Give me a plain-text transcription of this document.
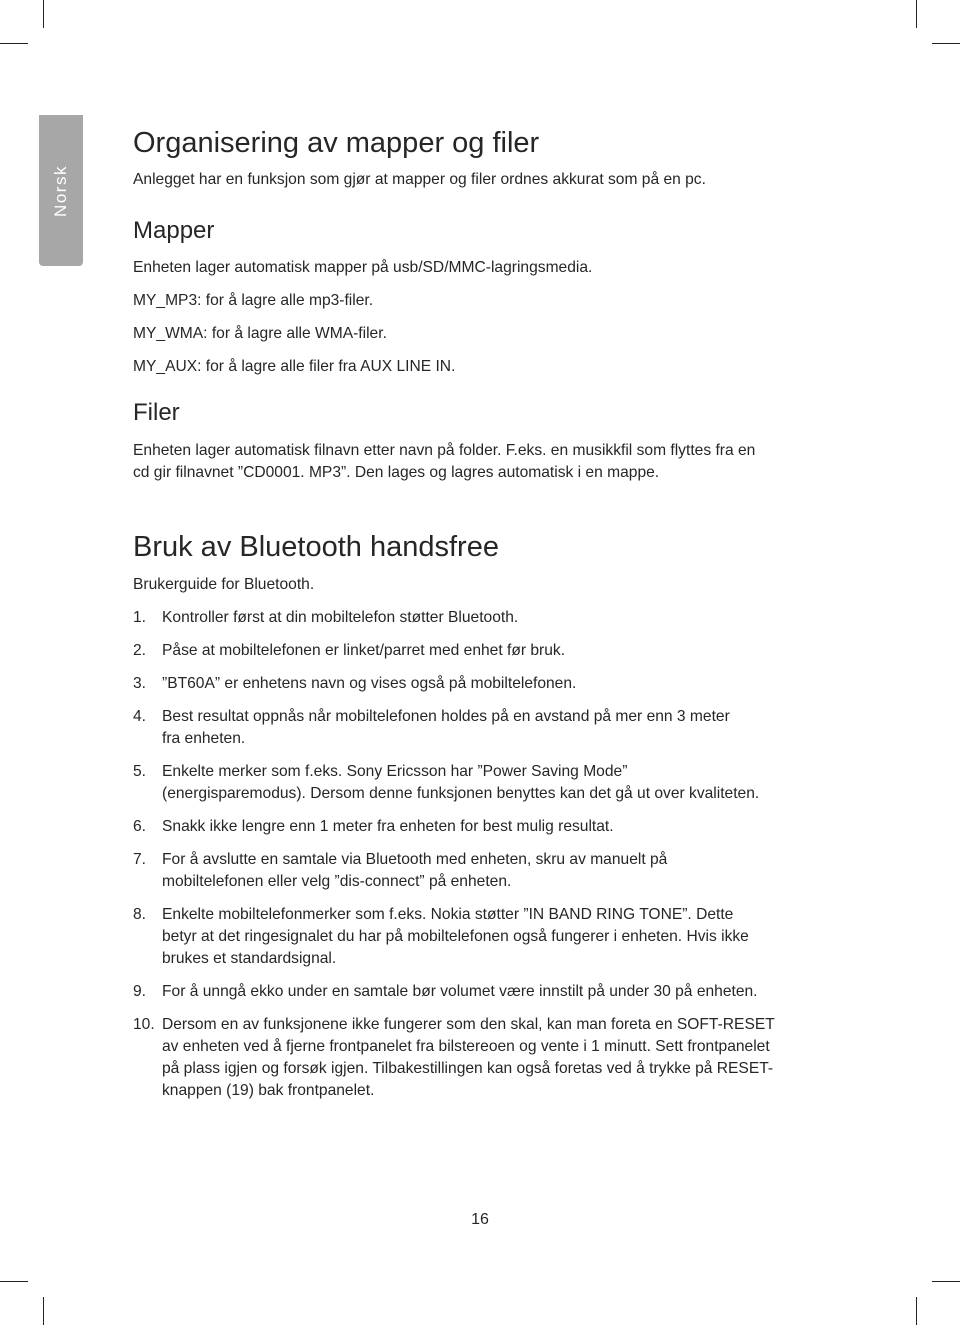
Norsk
Organisering av mapper og filer

Anlegget har en funksjon som gjør at mapper og filer ordnes akkurat som på en pc.

Mapper

Enheten lager automatisk mapper på usb/SD/MMC-lagringsmedia.

MY_MP3: for å lagre alle mp3-filer.

MY_WMA: for å lagre alle WMA-filer.

MY_AUX: for å lagre alle filer fra AUX LINE IN.

Filer

Enheten lager automatisk filnavn etter navn på folder. F.eks. en musikkfil som flyttes fra en

cd gir filnavnet ”CD0001. MP3”. Den lages og lagres automatisk i en mappe.

Bruk av Bluetooth handsfree

Brukerguide for Bluetooth.

1. Kontroller først at din mobiltelefon støtter Bluetooth.
2. Påse at mobiltelefonen er linket/parret med enhet før bruk.
3. ”BT60A” er enhetens navn og vises også på mobiltelefonen.
4. Best resultat oppnås når mobiltelefonen holdes på en avstand på mer enn 3 meter
fra enheten.
5. Enkelte merker som f.eks. Sony Ericsson har ”Power Saving Mode”
(energisparemodus). Dersom denne funksjonen benyttes kan det gå ut over kvaliteten.
6. Snakk ikke lengre enn 1 meter fra enheten for best mulig resultat.
7. For å avslutte en samtale via Bluetooth med enheten, skru av manuelt på
mobiltelefonen eller velg ”dis-connect” på enheten.
8. Enkelte mobiltelefonmerker som f.eks. Nokia støtter ”IN BAND RING TONE”. Dette
betyr at det ringesignalet du har på mobiltelefonen også fungerer i enheten. Hvis ikke
brukes et standardsignal.
9. For å unngå ekko under en samtale bør volumet være innstilt på under 30 på enheten.
10. Dersom en av funksjonene ikke fungerer som den skal, kan man foreta en SOFT-RESET
av enheten ved å fjerne frontpanelet fra bilstereoen og vente i 1 minutt. Sett frontpanelet
på plass igjen og forsøk igjen. Tilbakestillingen kan også foretas ved å trykke på RESET-
knappen (19) bak frontpanelet.
16
